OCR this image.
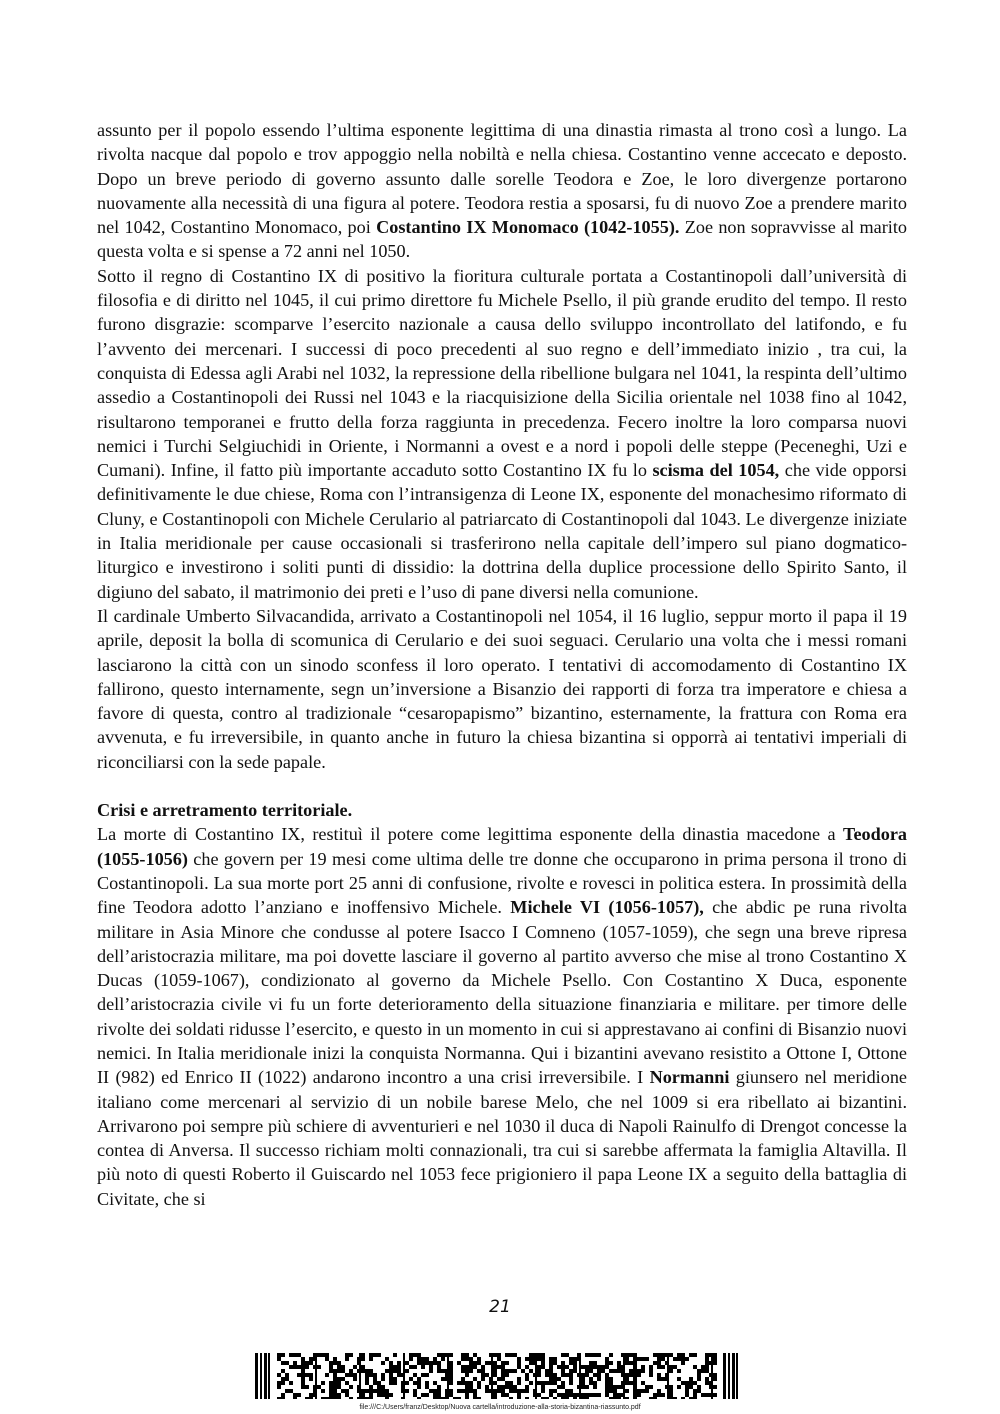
assunto per il popolo essendo l’ultima esponente legittima di una dinastia rimasta al trono così a lungo. La rivolta nacque dal popolo e trov appoggio nella nobiltà e nella chiesa. Costantino venne accecato e deposto. Dopo un breve periodo di governo assunto dalle sorelle Teodora e Zoe, le loro divergenze portarono nuovamente alla necessità di una figura al potere. Teodora restia a sposarsi, fu di nuovo Zoe a prendere marito nel 1042, Costantino Monomaco, poi Costantino IX Monomaco (1042-1055). Zoe non sopravvisse al marito questa volta e si spense a 72 anni nel 1050.

Sotto il regno di Costantino IX di positivo la fioritura culturale portata a Costantinopoli dall’università di filosofia e di diritto nel 1045, il cui primo direttore fu Michele Psello, il più grande erudito del tempo. Il resto furono disgrazie: scomparve l’esercito nazionale a causa dello sviluppo incontrollato del latifondo, e fu l’avvento dei mercenari. I successi di poco precedenti al suo regno e dell’immediato inizio , tra cui, la conquista di Edessa agli Arabi nel 1032, la repressione della ribellione bulgara nel 1041, la respinta dell’ultimo assedio a Costantinopoli dei Russi nel 1043 e la riacquisizione della Sicilia orientale nel 1038 fino al 1042, risultarono temporanei e frutto della forza raggiunta in precedenza. Fecero inoltre la loro comparsa nuovi nemici i Turchi Selgiuchidi in Oriente, i Normanni a ovest e a nord i popoli delle steppe (Peceneghi, Uzi e Cumani). Infine, il fatto più importante accaduto sotto Costantino IX fu lo scisma del 1054, che vide opporsi definitivamente le due chiese, Roma con l’intransigenza di Leone IX, esponente del monachesimo riformato di Cluny, e Costantinopoli con Michele Cerulario al patriarcato di Costantinopoli dal 1043. Le divergenze iniziate in Italia meridionale per cause occasionali si trasferirono nella capitale dell’impero sul piano dogmatico-liturgico e investirono i soliti punti di dissidio: la dottrina della duplice processione dello Spirito Santo, il digiuno del sabato, il matrimonio dei preti e l’uso di pane diversi nella comunione.

Il cardinale Umberto Silvacandida, arrivato a Costantinopoli nel 1054, il 16 luglio, seppur morto il papa il 19 aprile, deposit la bolla di scomunica di Cerulario e dei suoi seguaci. Cerulario una volta che i messi romani lasciarono la città con un sinodo sconfess il loro operato. I tentativi di accomodamento di Costantino IX fallirono, questo internamente, segn un’inversione a Bisanzio dei rapporti di forza tra imperatore e chiesa a favore di questa, contro al tradizionale “cesaropapismo” bizantino, esternamente, la frattura con Roma era avvenuta, e fu irreversibile, in quanto anche in futuro la chiesa bizantina si opporrà ai tentativi imperiali di riconciliarsi con la sede papale.

Crisi e arretramento territoriale.

La morte di Costantino IX, restituì il potere come legittima esponente della dinastia macedone a Teodora (1055-1056) che govern per 19 mesi come ultima delle tre donne che occuparono in prima persona il trono di Costantinopoli. La sua morte port 25 anni di confusione, rivolte e rovesci in politica estera. In prossimità della fine Teodora adotto l’anziano e inoffensivo Michele. Michele VI (1056-1057), che abdic pe runa rivolta militare in Asia Minore che condusse al potere Isacco I Comneno (1057-1059), che segn una breve ripresa dell’aristocrazia militare, ma poi dovette lasciare il governo al partito avverso che mise al trono Costantino X Ducas (1059-1067), condizionato al governo da Michele Psello. Con Costantino X Duca, esponente dell’aristocrazia civile vi fu un forte deterioramento della situazione finanziaria e militare. per timore delle rivolte dei soldati ridusse l’esercito, e questo in un momento in cui si apprestavano ai confini di Bisanzio nuovi nemici. In Italia meridionale inizi la conquista Normanna. Qui i bizantini avevano resistito a Ottone I, Ottone II (982) ed Enrico II (1022) andarono incontro a una crisi irreversibile. I Normanni giunsero nel meridione italiano come mercenari al servizio di un nobile barese Melo, che nel 1009 si era ribellato ai bizantini. Arrivarono poi sempre più schiere di avventurieri e nel 1030 il duca di Napoli Rainulfo di Drengot concesse la contea di Anversa. Il successo richiam molti connazionali, tra cui si sarebbe affermata la famiglia Altavilla. Il più noto di questi Roberto il Guiscardo nel 1053 fece prigioniero il papa Leone IX a seguito della battaglia di Civitate, che si

21
file:///C:/Users/franz/Desktop/Nuova cartella/introduzione-alla-storia-bizantina-riassunto.pdf
